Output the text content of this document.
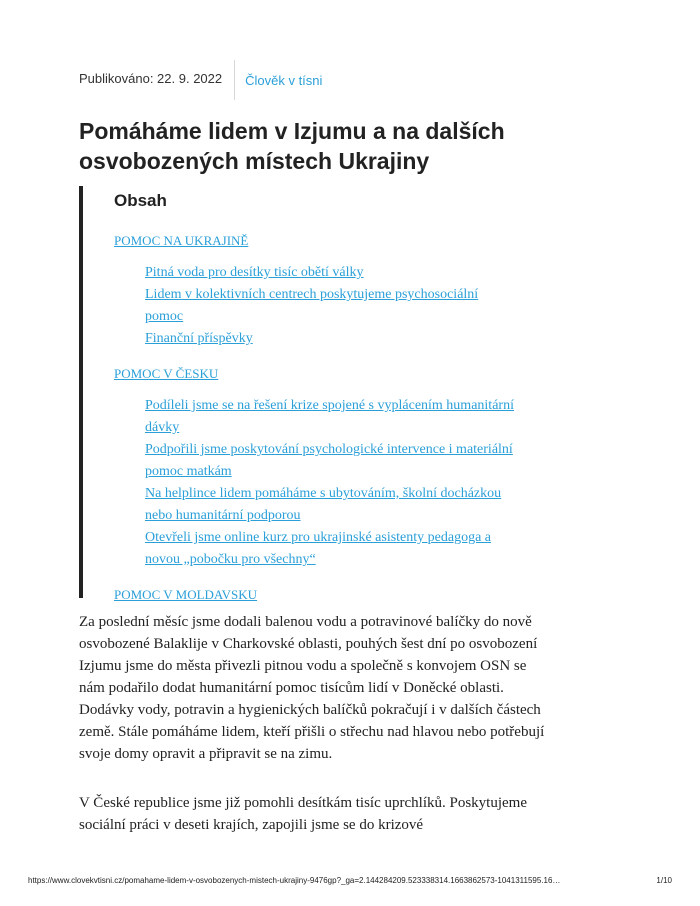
Publikováno: 22. 9. 2022 Člověk v tísni
Pomáháme lidem v Izjumu a na dalších osvobozených místech Ukrajiny
Obsah
POMOC NA UKRAJINĚ
Pitná voda pro desítky tisíc obětí války
Lidem v kolektivních centrech poskytujeme psychosociální pomoc
Finanční příspěvky
POMOC V ČESKU
Podíleli jsme se na řešení krize spojené s vyplácením humanitární dávky
Podpořili jsme poskytování psychologické intervence i materiální pomoc matkám
Na helplince lidem pomáháme s ubytováním, školní docházkou nebo humanitární podporou
Otevřeli jsme online kurz pro ukrajinské asistenty pedagoga a novou „pobočku pro všechny“
POMOC V MOLDAVSKU

Za poslední měsíc jsme dodali balenou vodu a potravinové balíčky do nově osvobozené Balaklije v Charkovské oblasti, pouhých šest dní po osvobození Izjumu jsme do města přivezli pitnou vodu a společně s konvojem OSN se nám podařilo dodat humanitární pomoc tisícům lidí v Doněcké oblasti. Dodávky vody, potravin a hygienických balíčků pokračují i v dalších částech země. Stále pomáháme lidem, kteří přišli o střechu nad hlavou nebo potřebují svoje domy opravit a připravit se na zimu.

V České republice jsme již pomohli desítkám tisíc uprchlíků. Poskytujeme sociální práci v deseti krajích, zapojili jsme se do krizové

https://www.clovekvtisni.cz/pomahame-lidem-v-osvobozenych-mistech-ukrajiny-9476gp?_ga=2.144284209.523338314.1663862573-1041311595.16…	1/10
